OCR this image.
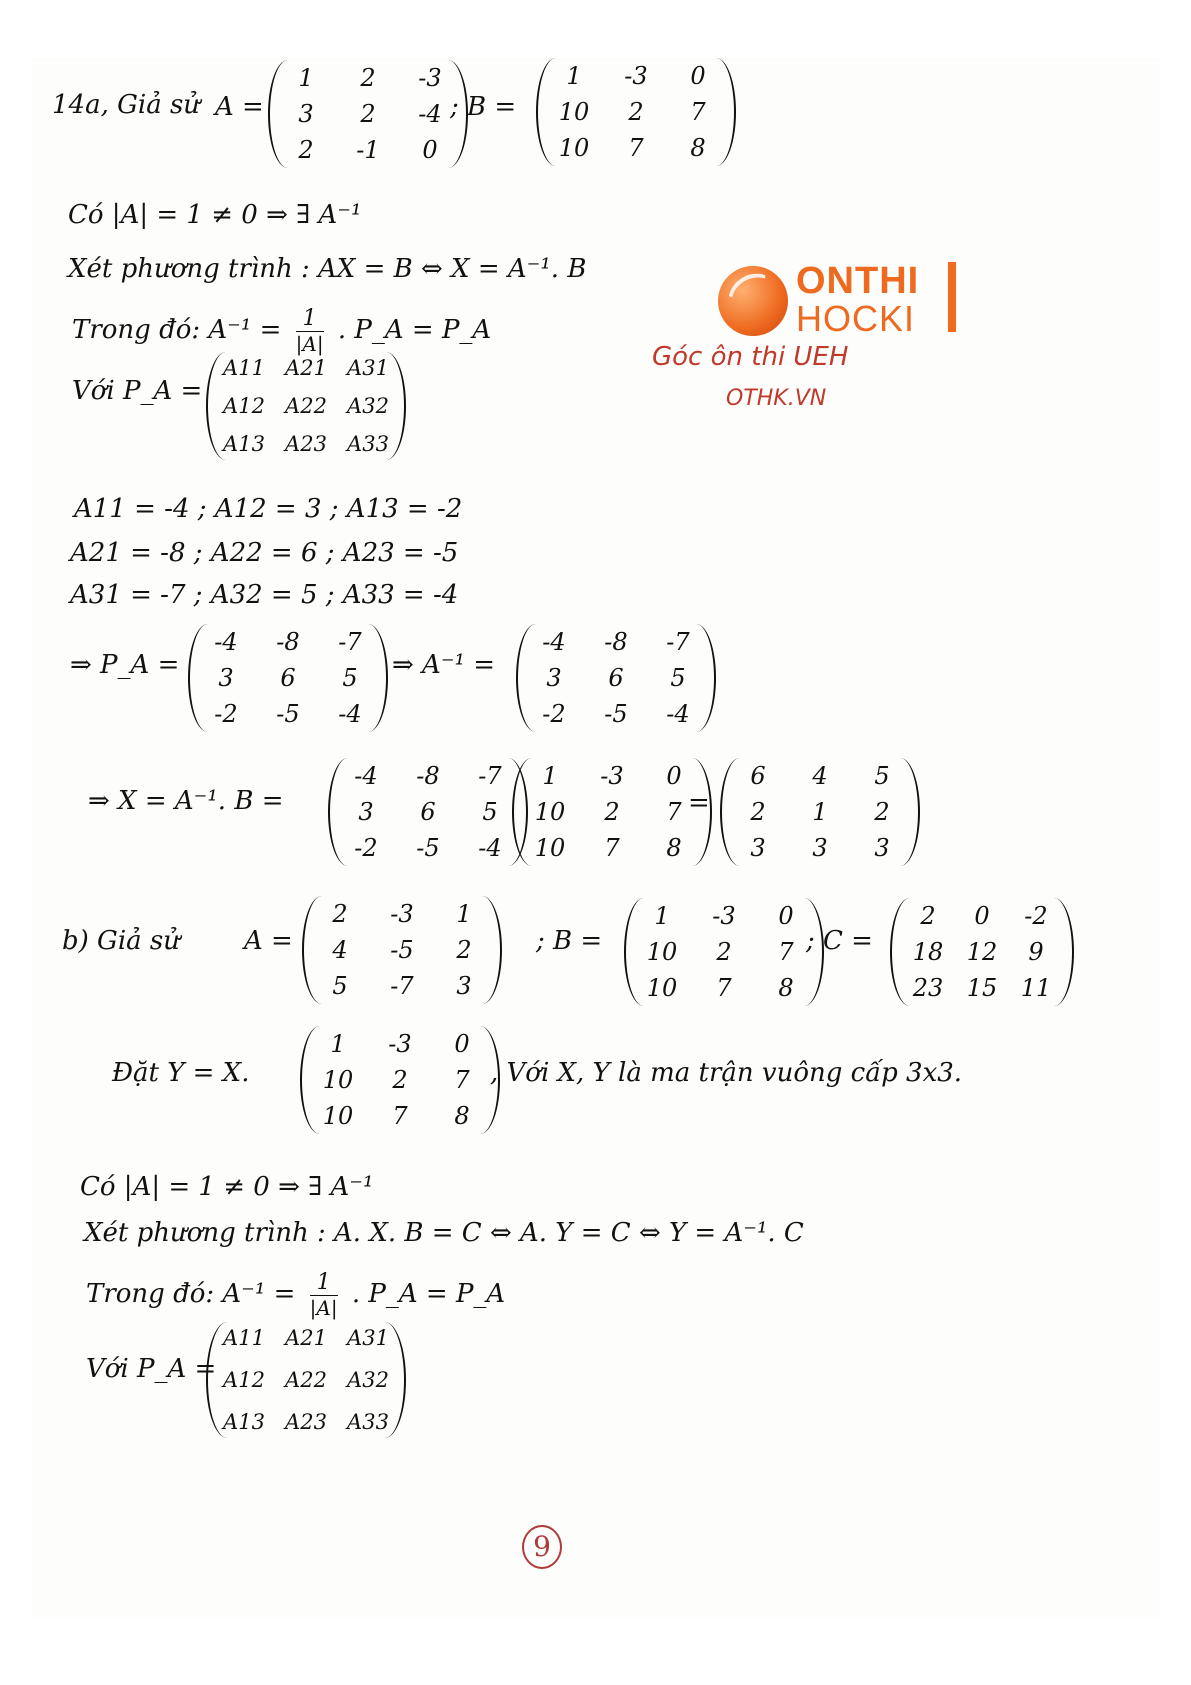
14a, Giả sử A =
1	2	-3
3	2	-4
2	-1	0
; B =
1	-3	0
10	2	7
10	7	8
Có |A| = 1 ≠ 0 ⇒ ∃ A⁻¹
Xét phương trình : AX = B ⇔ X = A⁻¹. B
Trong đó: $A^{-1} = \frac{1}{|A|}$ . P_A = P_A
Với P_A =
A11 A21 A31
A12 A22 A32
A13 A23 A33
A11 = -4 ; A12 = 3 ; A13 = -2
A21 = -8 ; A22 = 6 ; A23 = -5
A31 = -7 ; A32 = 5 ; A33 = -4
⇒ P_A =
-4	-8	-7
3	6	5
-2	-5	-4
⇒ A⁻¹ =
-4	-8	-7
3	6	5
-2	-5	-4
⇒ X = A⁻¹. B =
-4	-8	-7
3	6	5
-2	-5	-4
1	-3	0
10	2	7
10	7	8
=
6	4	5
2	1	2
3	3	3
b) Giả sử A =
2	-3	1
4	-5	2
5	-7	3
; B =
1	-3	0
10	2	7
10	7	8
; C =
2	0	-2
18 12	9
23 15 11
Đặt Y = X.
1	-3	0
10	2	7
10	7	8
, Với X, Y là ma trận vuông cấp 3x3.
Có |A| = 1 ≠ 0 ⇒ ∃ A⁻¹
Xét phương trình : A. X. B = C ⇔ A. Y = C ⇔ Y = A⁻¹. C
Trong đó: $A^{-1} = \frac{1}{|A|}$ . P_A = P_A
Với P_A =
A11 A21 A31
A12 A22 A32
A13 A23 A33
ONTHI
HOCKI
Góc ôn thi UEH
OTHK.VN
9
